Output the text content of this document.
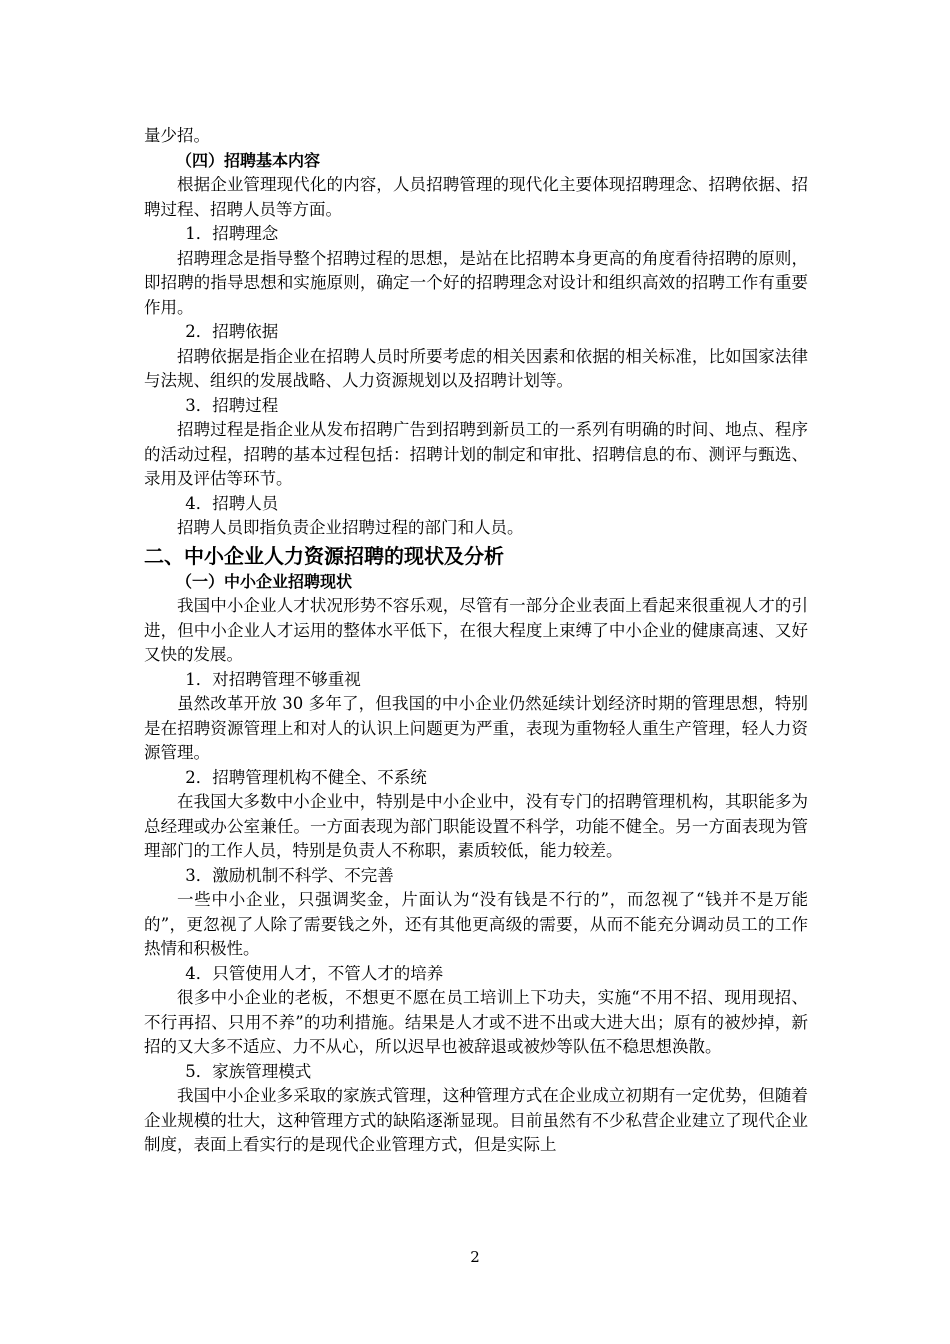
量少招。
（四）招聘基本内容
根据企业管理现代化的内容，人员招聘管理的现代化主要体现招聘理念、招聘依据、招聘过程、招聘人员等方面。
1．招聘理念
招聘理念是指导整个招聘过程的思想，是站在比招聘本身更高的角度看待招聘的原则，即招聘的指导思想和实施原则，确定一个好的招聘理念对设计和组织高效的招聘工作有重要作用。
2．招聘依据
招聘依据是指企业在招聘人员时所要考虑的相关因素和依据的相关标准，比如国家法律与法规、组织的发展战略、人力资源规划以及招聘计划等。
3．招聘过程
招聘过程是指企业从发布招聘广告到招聘到新员工的一系列有明确的时间、地点、程序的活动过程，招聘的基本过程包括：招聘计划的制定和审批、招聘信息的布、测评与甄选、录用及评估等环节。
4．招聘人员
招聘人员即指负责企业招聘过程的部门和人员。
二、中小企业人力资源招聘的现状及分析
（一）中小企业招聘现状
我国中小企业人才状况形势不容乐观，尽管有一部分企业表面上看起来很重视人才的引进，但中小企业人才运用的整体水平低下，在很大程度上束缚了中小企业的健康高速、又好又快的发展。
1．对招聘管理不够重视
虽然改革开放 30 多年了，但我国的中小企业仍然延续计划经济时期的管理思想，特别是在招聘资源管理上和对人的认识上问题更为严重，表现为重物轻人重生产管理，轻人力资源管理。
2．招聘管理机构不健全、不系统
在我国大多数中小企业中，特别是中小企业中，没有专门的招聘管理机构，其职能多为总经理或办公室兼任。一方面表现为部门职能设置不科学，功能不健全。另一方面表现为管理部门的工作人员，特别是负责人不称职，素质较低，能力较差。
3．激励机制不科学、不完善
一些中小企业，只强调奖金，片面认为“没有钱是不行的”，而忽视了“钱并不是万能的”，更忽视了人除了需要钱之外，还有其他更高级的需要，从而不能充分调动员工的工作热情和积极性。
4．只管使用人才，不管人才的培养
很多中小企业的老板，不想更不愿在员工培训上下功夫，实施“不用不招、现用现招、不行再招、只用不养”的功利措施。结果是人才或不进不出或大进大出；原有的被炒掉，新招的又大多不适应、力不从心，所以迟早也被辞退或被炒等队伍不稳思想涣散。
5．家族管理模式
我国中小企业多采取的家族式管理，这种管理方式在企业成立初期有一定优势，但随着企业规模的壮大，这种管理方式的缺陷逐渐显现。目前虽然有不少私营企业建立了现代企业制度，表面上看实行的是现代企业管理方式，但是实际上
2
